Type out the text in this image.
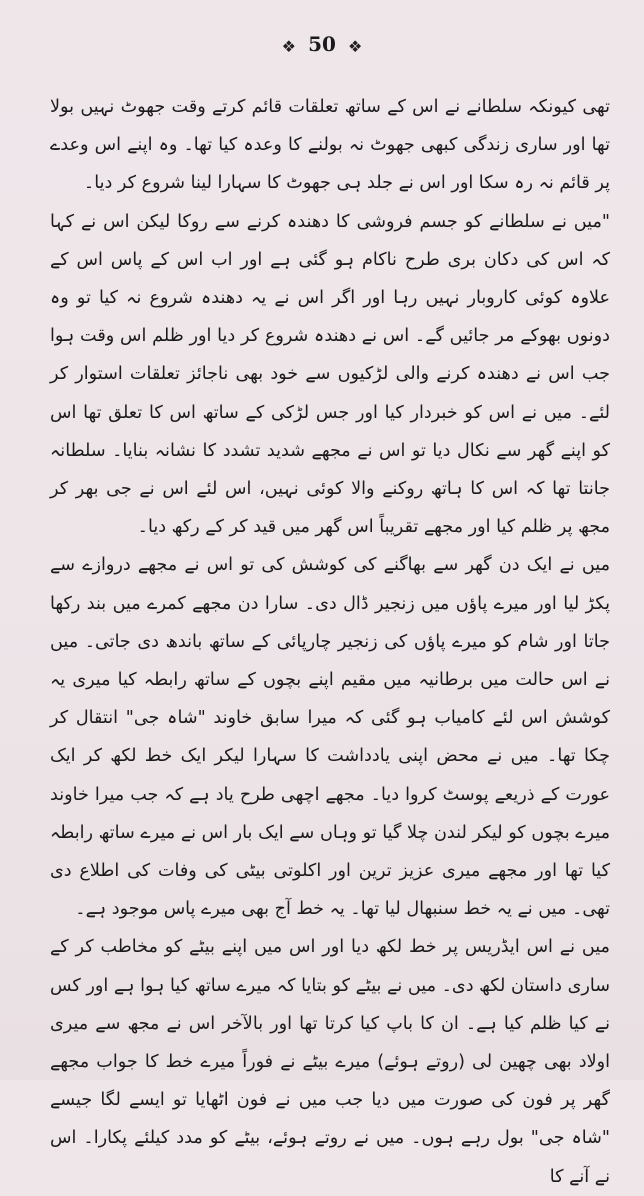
❖ 50 ❖

تھی کیونکہ سلطانے نے اس کے ساتھ تعلقات قائم کرتے وقت جھوٹ نہیں بولا تھا اور ساری زندگی کبھی جھوٹ نہ بولنے کا وعدہ کیا تھا۔ وہ اپنے اس وعدے پر قائم نہ رہ سکا اور اس نے جلد ہی جھوٹ کا سہارا لینا شروع کر دیا۔

"میں نے سلطانے کو جسم فروشی کا دھندہ کرنے سے روکا لیکن اس نے کہا کہ اس کی دکان بری طرح ناکام ہو گئی ہے اور اب اس کے پاس اس کے علاوہ کوئی کاروبار نہیں رہا اور اگر اس نے یہ دھندہ شروع نہ کیا تو وہ دونوں بھوکے مر جائیں گے۔ اس نے دھندہ شروع کر دیا اور ظلم اس وقت ہوا جب اس نے دھندہ کرنے والی لڑکیوں سے خود بھی ناجائز تعلقات استوار کر لئے۔ میں نے اس کو خبردار کیا اور جس لڑکی کے ساتھ اس کا تعلق تھا اس کو اپنے گھر سے نکال دیا تو اس نے مجھے شدید تشدد کا نشانہ بنایا۔ سلطانہ جانتا تھا کہ اس کا ہاتھ روکنے والا کوئی نہیں، اس لئے اس نے جی بھر کر مجھ پر ظلم کیا اور مجھے تقریباً اس گھر میں قید کر کے رکھ دیا۔

میں نے ایک دن گھر سے بھاگنے کی کوشش کی تو اس نے مجھے دروازے سے پکڑ لیا اور میرے پاؤں میں زنجیر ڈال دی۔ سارا دن مجھے کمرے میں بند رکھا جاتا اور شام کو میرے پاؤں کی زنجیر چارپائی کے ساتھ باندھ دی جاتی۔ میں نے اس حالت میں برطانیہ میں مقیم اپنے بچوں کے ساتھ رابطہ کیا میری یہ کوشش اس لئے کامیاب ہو گئی کہ میرا سابق خاوند "شاہ جی" انتقال کر چکا تھا۔ میں نے محض اپنی یادداشت کا سہارا لیکر ایک خط لکھ کر ایک عورت کے ذریعے پوسٹ کروا دیا۔ مجھے اچھی طرح یاد ہے کہ جب میرا خاوند میرے بچوں کو لیکر لندن چلا گیا تو وہاں سے ایک بار اس نے میرے ساتھ رابطہ کیا تھا اور مجھے میری عزیز ترین اور اکلوتی بیٹی کی وفات کی اطلاع دی تھی۔ میں نے یہ خط سنبھال لیا تھا۔ یہ خط آج بھی میرے پاس موجود ہے۔

میں نے اس ایڈریس پر خط لکھ دیا اور اس میں اپنے بیٹے کو مخاطب کر کے ساری داستان لکھ دی۔ میں نے بیٹے کو بتایا کہ میرے ساتھ کیا ہوا ہے اور کس نے کیا ظلم کیا ہے۔ ان کا باپ کیا کرتا تھا اور بالآخر اس نے مجھ سے میری اولاد بھی چھین لی (روتے ہوئے) میرے بیٹے نے فوراً میرے خط کا جواب مجھے گھر پر فون کی صورت میں دیا جب میں نے فون اٹھایا تو ایسے لگا جیسے "شاہ جی" بول رہے ہوں۔ میں نے روتے ہوئے، بیٹے کو مدد کیلئے پکارا۔ اس نے آنے کا
